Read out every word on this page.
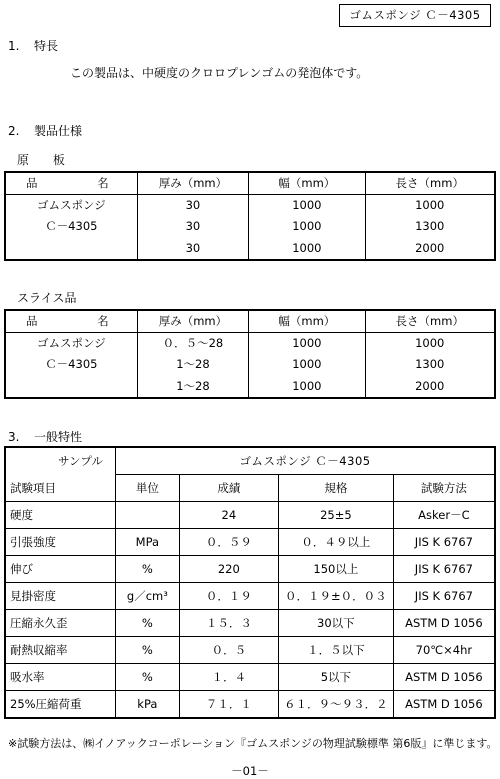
ゴムスポンジ Ｃ－4305
1. 特長
この製品は、中硬度のクロロプレンゴムの発泡体です。
2. 製品仕様
原 板
品 名	厚み（mm）	幅（mm）	長さ（mm）
ゴムスポンジ	30	1000	1000
Ｃ－4305	30	1000	1300
	30	1000	2000
スライス品
品 名	厚み（mm）	幅（mm）	長さ（mm）
ゴムスポンジ	０．５～28	1000	1000
Ｃ－4305	1～28	1000	1300
	1～28	1000	2000
3. 一般特性
サンプル	ゴムスポンジ Ｃ－4305			
試験項目	単位	成績	規格	試験方法
硬度		24	25±5	Asker－C
引張強度	MPa	０．５９	０．４９以上	JIS K 6767
伸び	%	220	150以上	JIS K 6767
見掛密度	g／cm³	０．１９	０．１９±０．０３	JIS K 6767
圧縮永久歪	%	１５．３	30以下	ASTM D 1056
耐熱収縮率	%	０．５	１．５以下	70℃×4hr
吸水率	%	１．４	5以下	ASTM D 1056
25%圧縮荷重	kPa	７１．１	６１．９～９３．２	ASTM D 1056
※試験方法は、㈱イノアックコーポレーション『ゴムスポンジの物理試験標準 第6版』に準じます。
－01－
